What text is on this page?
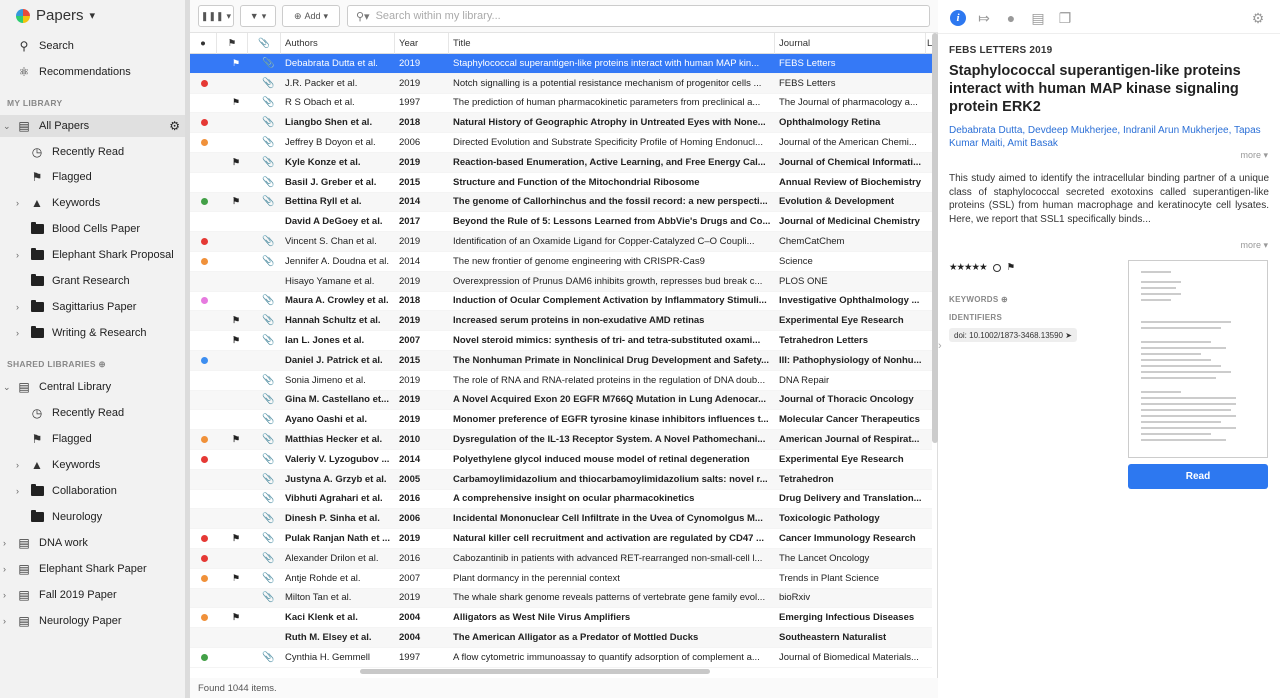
Papers ▾
⚲ Search
⚛ Recommendations
MY LIBRARY
⌄ ▤ All Papers	⚙
◷ Recently Read
⚑ Flagged
› ▲ Keywords
Blood Cells Paper
›	Elephant Shark Proposal
Grant Research
›	Sagittarius Paper
›	Writing & Research
SHARED LIBRARIES ⊕
⌄ ▤ Central Library
◷ Recently Read
⚑ Flagged
› ▲ Keywords
›	Collaboration
Neurology
› ▤ DNA work
› ▤ Elephant Shark Paper
› ▤ Fall 2019 Paper
› ▤ Neurology Paper
❚❚❚ ▾ ▼ ▾	⊕ Add ▾	⚲▾ Search within my library...
● ⚑ 📎	Authors	Year	Title	Journal	L
⚑ 📎 Debabrata Dutta et al.	2019	Staphylococcal superantigen-like proteins interact with human MAP kin...	FEBS Letters
📎 J.R. Packer et al.	2019	Notch signalling is a potential resistance mechanism of progenitor cells ...	FEBS Letters
⚑ 📎 R S Obach et al.	1997	The prediction of human pharmacokinetic parameters from preclinical a...	The Journal of pharmacology a...
📎 Liangbo Shen et al.	2018	Natural History of Geographic Atrophy in Untreated Eyes with None...	Ophthalmology Retina
📎 Jeffrey B Doyon et al.	2006	Directed Evolution and Substrate Specificity Profile of Homing Endonucl...	Journal of the American Chemi...
⚑ 📎 Kyle Konze et al.	2019	Reaction-based Enumeration, Active Learning, and Free Energy Cal...	Journal of Chemical Informati...
📎 Basil J. Greber et al.	2015	Structure and Function of the Mitochondrial Ribosome	Annual Review of Biochemistry
⚑ 📎 Bettina Ryll et al.	2014	The genome of Callorhinchus and the fossil record: a new perspecti...	Evolution & Development
David A DeGoey et al.	2017	Beyond the Rule of 5: Lessons Learned from AbbVie's Drugs and Co... Journal of Medicinal Chemistry
📎 Vincent S. Chan et al.	2019	Identification of an Oxamide Ligand for Copper-Catalyzed C–O Coupli...	ChemCatChem
📎 Jennifer A. Doudna et al.	2014	The new frontier of genome engineering with CRISPR-Cas9	Science
Hisayo Yamane et al.	2019	Overexpression of Prunus DAM6 inhibits growth, represses bud break c...	PLOS ONE
📎 Maura A. Crowley et al.	2018	Induction of Ocular Complement Activation by Inflammatory Stimuli...	Investigative Ophthalmology ...
⚑ 📎 Hannah Schultz et al.	2019	Increased serum proteins in non-exudative AMD retinas	Experimental Eye Research
⚑ 📎 Ian L. Jones et al.	2007	Novel steroid mimics: synthesis of tri- and tetra-substituted oxami...	Tetrahedron Letters
Daniel J. Patrick et al.	2015	The Nonhuman Primate in Nonclinical Drug Development and Safety... III: Pathophysiology of Nonhu...
📎 Sonia Jimeno et al.	2019	The role of RNA and RNA-related proteins in the regulation of DNA doub...	DNA Repair
📎 Gina M. Castellano et...	2019	A Novel Acquired Exon 20 EGFR M766Q Mutation in Lung Adenocar...	Journal of Thoracic Oncology
📎 Ayano Oashi et al.	2019	Monomer preference of EGFR tyrosine kinase inhibitors influences t... Molecular Cancer Therapeutics
⚑ 📎 Matthias Hecker et al.	2010	Dysregulation of the IL-13 Receptor System. A Novel Pathomechani...	American Journal of Respirat...
📎 Valeriy V. Lyzogubov ...	2014	Polyethylene glycol induced mouse model of retinal degeneration	Experimental Eye Research
📎 Justyna A. Grzyb et al.	2005	Carbamoylimidazolium and thiocarbamoylimidazolium salts: novel r...	Tetrahedron
📎 Vibhuti Agrahari et al.	2016	A comprehensive insight on ocular pharmacokinetics	Drug Delivery and Translation...
📎 Dinesh P. Sinha et al.	2006	Incidental Mononuclear Cell Infiltrate in the Uvea of Cynomolgus M...	Toxicologic Pathology
⚑ 📎 Pulak Ranjan Nath et ... 2019	Natural killer cell recruitment and activation are regulated by CD47 ...	Cancer Immunology Research
📎 Alexander Drilon et al.	2016	Cabozantinib in patients with advanced RET-rearranged non-small-cell l...	The Lancet Oncology
⚑ 📎 Antje Rohde et al.	2007	Plant dormancy in the perennial context	Trends in Plant Science
📎 Milton Tan et al.	2019	The whale shark genome reveals patterns of vertebrate gene family evol...	bioRxiv
⚑	Kaci Klenk et al.	2004	Alligators as West Nile Virus Amplifiers	Emerging Infectious Diseases
Ruth M. Elsey et al.	2004	The American Alligator as a Predator of Mottled Ducks	Southeastern Naturalist
📎 Cynthia H. Gemmell	1997	A flow cytometric immunoassay to quantify adsorption of complement a...	Journal of Biomedical Materials...
Found 1044 items.
i	⤇	●	▤ ❐	⚙
FEBS LETTERS 2019
Staphylococcal superantigen-like proteins interact with human MAP kinase signaling protein ERK2
Debabrata Dutta, Devdeep Mukherjee, Indranil Arun Mukherjee, Tapas Kumar Maiti, Amit Basak
more ▾
This study aimed to identify the intracellular binding partner of a unique class of staphylococcal secreted exotoxins called superantigen-like proteins (SSL) from human macrophage and keratinocyte cell lysates. Here, we report that SSL1 specifically binds...
more ▾
★★★★★ ⚑
KEYWORDS ⊕
IDENTIFIERS
doi: 10.1002/1873-3468.13590
➤
Read
›
